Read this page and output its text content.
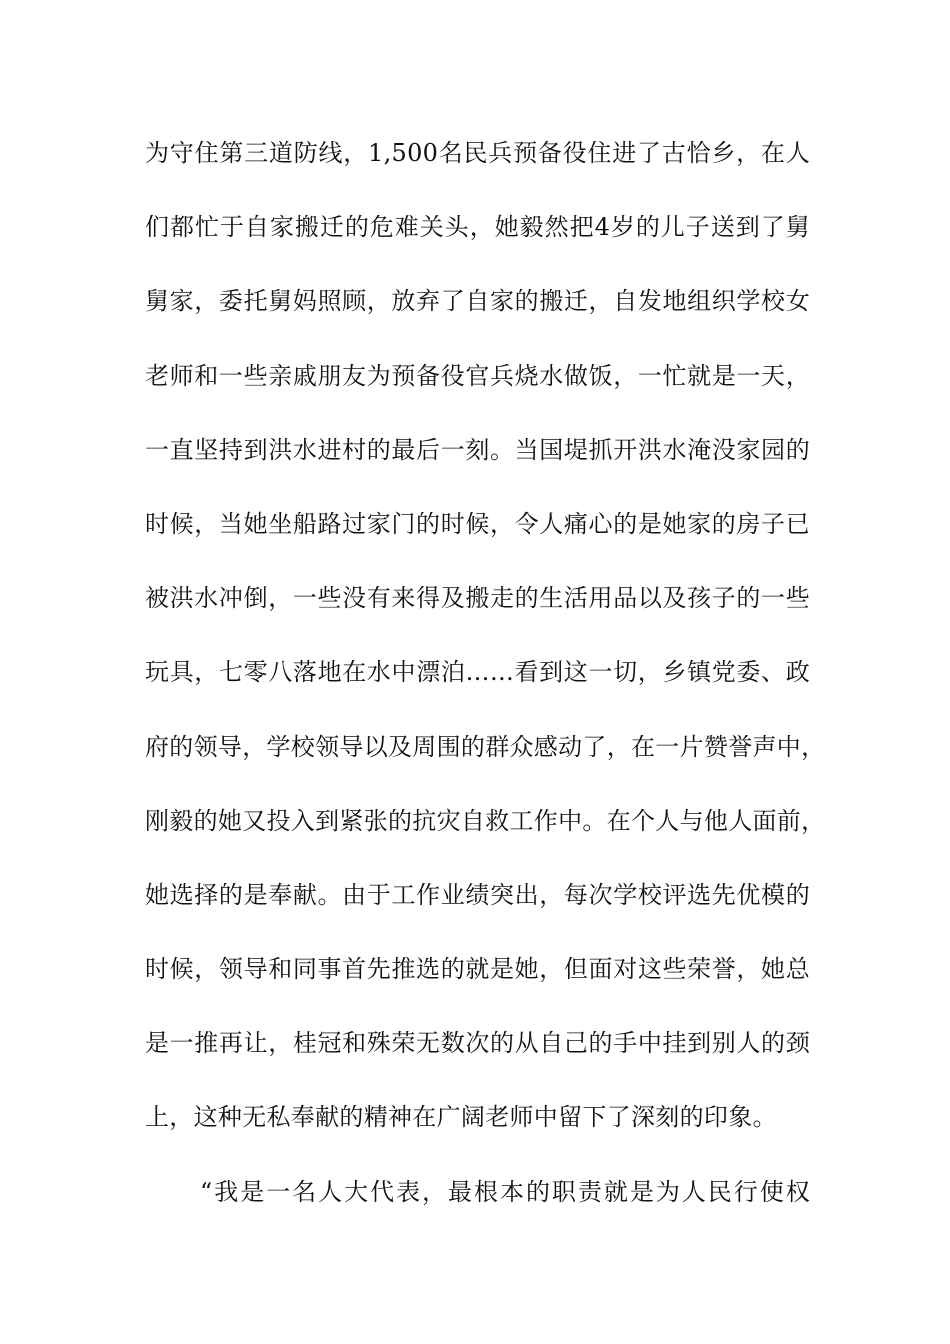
为守住第三道防线，1,500名民兵预备役住进了古恰乡，在人
们都忙于自家搬迁的危难关头，她毅然把4岁的儿子送到了舅
舅家，委托舅妈照顾，放弃了自家的搬迁，自发地组织学校女
老师和一些亲戚朋友为预备役官兵烧水做饭，一忙就是一天，
一直坚持到洪水进村的最后一刻。当国堤抓开洪水淹没家园的
时候，当她坐船路过家门的时候，令人痛心的是她家的房子已
被洪水冲倒，一些没有来得及搬走的生活用品以及孩子的一些
玩具，七零八落地在水中漂泊……看到这一切，乡镇党委、政
府的领导，学校领导以及周围的群众感动了，在一片赞誉声中，
刚毅的她又投入到紧张的抗灾自救工作中。在个人与他人面前，
她选择的是奉献。由于工作业绩突出，每次学校评选先优模的
时候，领导和同事首先推选的就是她，但面对这些荣誉，她总
是一推再让，桂冠和殊荣无数次的从自己的手中挂到别人的颈
上，这种无私奉献的精神在广阔老师中留下了深刻的印象。
“我是一名人大代表，最根本的职责就是为人民行使权
